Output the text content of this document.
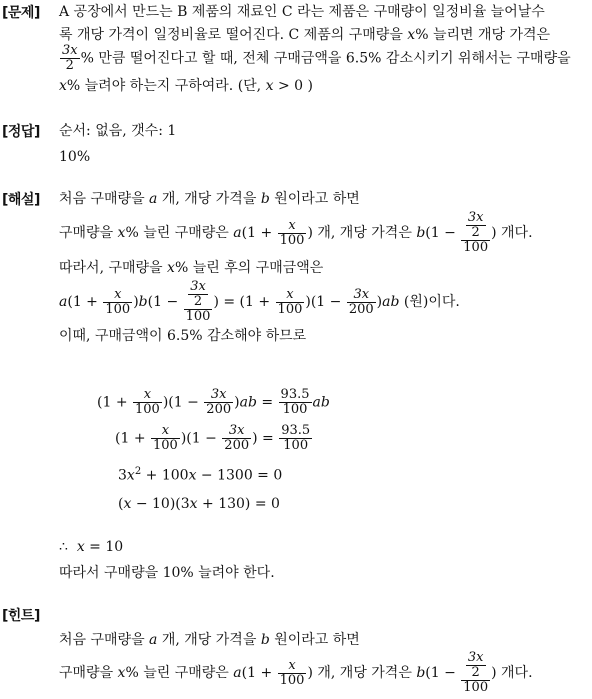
[문제] A 공장에서 만드는 B 제품의 재료인 C 라는 제품은 구매량이 일정비율 늘어날수
록 개당 가격이 일정비율로 떨어진다. C 제품의 구매량을 x% 늘리면 개당 가격은
$\frac{3x}{2}$ % 만큼 떨어진다고 할 때, 전체 구매금액을 6.5% 감소시키기 위해서는 구매량을
x% 늘려야 하는지 구하여라. (단, x > 0 )
[정답] 순서: 없음, 갯수: 1
10%
[해설] 처음 구매량을 a 개, 개당 가격을 b 원이라고 하면
구매량을 x% 늘린 구매량은 $a(1 + \frac{x}{100}$ ) 개, 개당 가격은 $b(1 - \frac{\frac{3x}{2}}{100}$ ) 개다.
따라서, 구매량을 x% 늘린 후의 구매금액은
$a(1 + \frac{x}{100} )b(1 - \frac{\frac{3x}{2}}{100}$ ) = $(1 + \frac{x}{100} )(1 - \frac{3x}{200} )ab$ (원)이다.
이때, 구매금액이 6.5% 감소해야 하므로
$(1 + \frac{x}{100} )(1 - \frac{3x}{200} )ab = \frac{93.5}{100}$ ab
$(1 + \frac{x}{100} )(1 - \frac{3x}{200}$ ) = $\frac{93.5}{100}$
$3x^2 + 100x - 1300 = 0$
(x − 10)(3x + 130) = 0
∴  x = 10
따라서 구매량을 10% 늘려야 한다.
[힌트]
처음 구매량을 a 개, 개당 가격을 b 원이라고 하면
구매량을 x% 늘린 구매량은 $a(1 + \frac{x}{100}$ ) 개, 개당 가격은 $b(1 - \frac{\frac{3x}{2}}{100}$ ) 개다.
